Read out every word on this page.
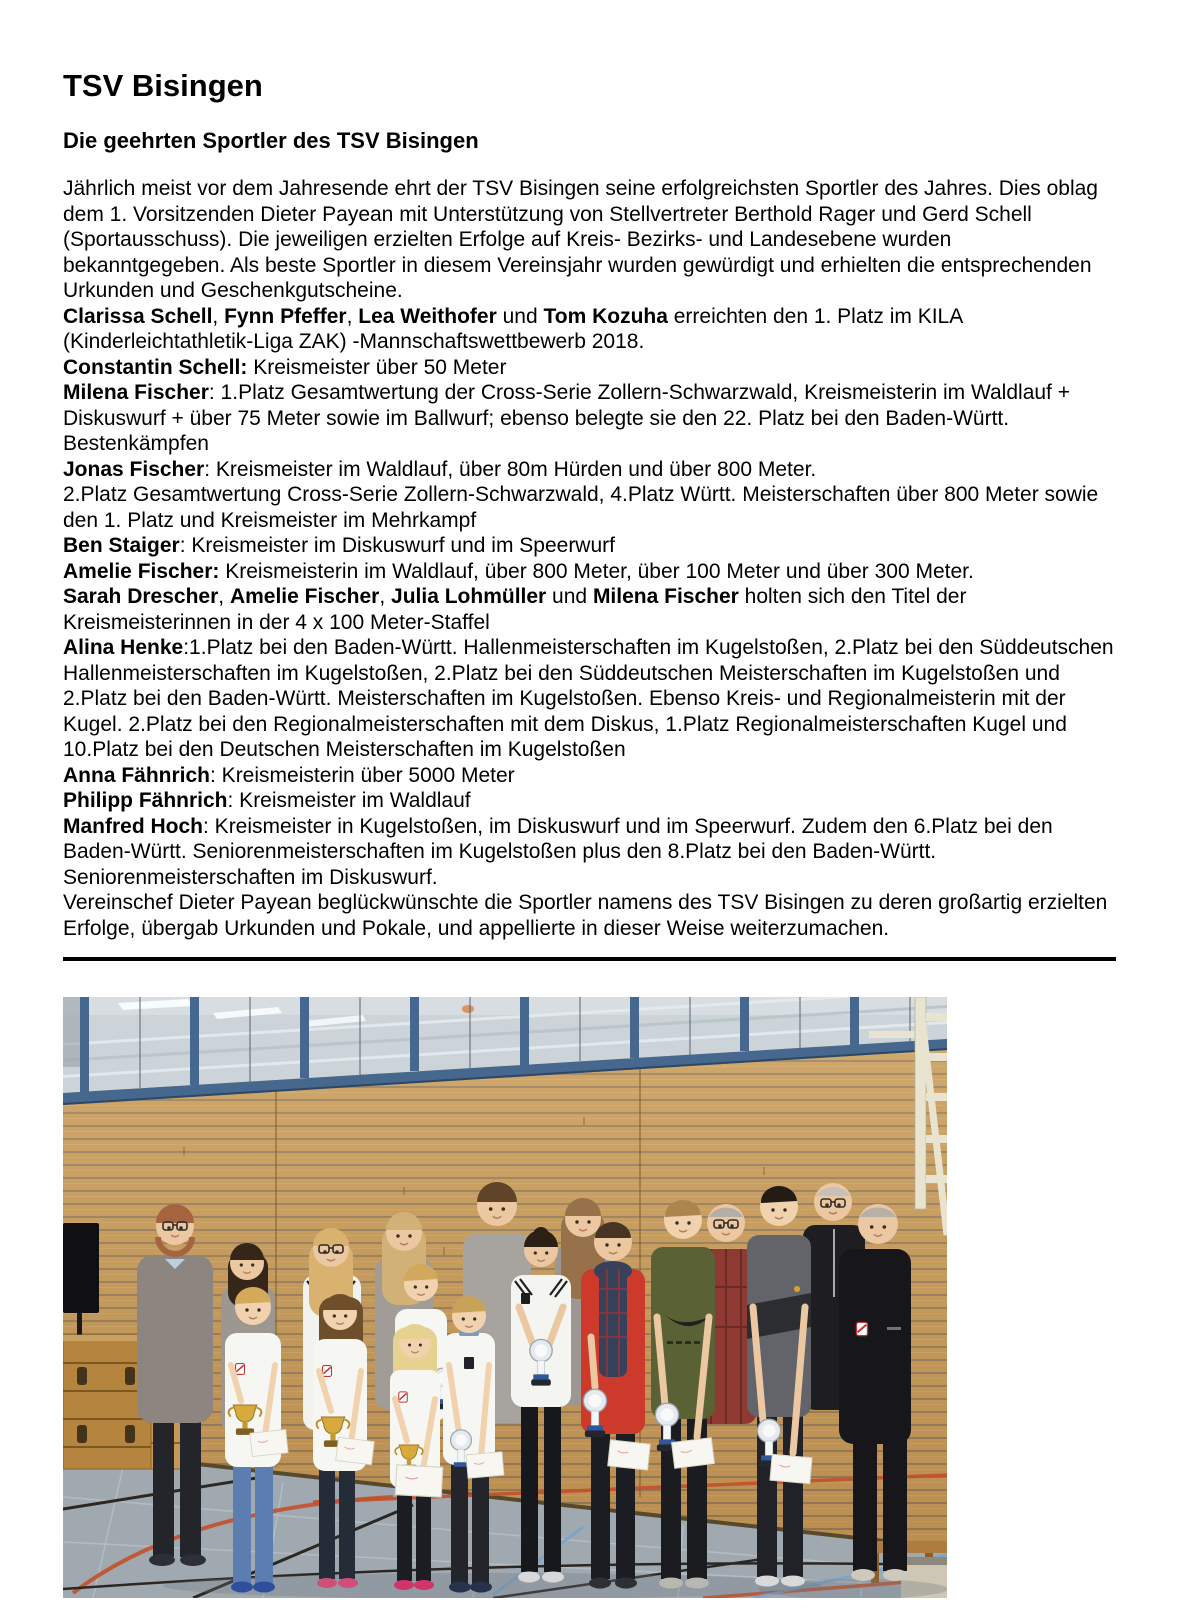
TSV Bisingen
Die geehrten Sportler des TSV Bisingen
Jährlich meist vor dem Jahresende ehrt der TSV Bisingen seine erfolgreichsten Sportler des Jahres. Dies oblag dem 1. Vorsitzenden Dieter Payean mit Unterstützung von Stellvertreter Berthold Rager und Gerd Schell (Sportausschuss). Die jeweiligen erzielten Erfolge auf Kreis- Bezirks- und Landesebene wurden bekanntgegeben. Als beste Sportler in diesem Vereinsjahr wurden gewürdigt und erhielten die entsprechenden Urkunden und Geschenkgutscheine.
Clarissa Schell, Fynn Pfeffer, Lea Weithofer und Tom Kozuha erreichten den 1. Platz im KILA (Kinderleichtathletik-Liga ZAK) -Mannschaftswettbewerb 2018.
Constantin Schell: Kreismeister über 50 Meter
Milena Fischer: 1.Platz Gesamtwertung der Cross-Serie Zollern-Schwarzwald, Kreismeisterin im Waldlauf + Diskuswurf + über 75 Meter sowie im Ballwurf; ebenso belegte sie den 22. Platz bei den Baden-Württ. Bestenkämpfen
Jonas Fischer: Kreismeister im Waldlauf, über 80m Hürden und über 800 Meter.
2.Platz Gesamtwertung Cross-Serie Zollern-Schwarzwald, 4.Platz Württ. Meisterschaften über 800 Meter sowie den 1. Platz und Kreismeister im Mehrkampf
Ben Staiger: Kreismeister im Diskuswurf und im Speerwurf
Amelie Fischer: Kreismeisterin im Waldlauf, über 800 Meter, über 100 Meter und über 300 Meter.
Sarah Drescher, Amelie Fischer, Julia Lohmüller und Milena Fischer holten sich den Titel der Kreismeisterinnen in der 4 x 100 Meter-Staffel
Alina Henke:1.Platz bei den Baden-Württ. Hallenmeisterschaften im Kugelstoßen, 2.Platz bei den Süddeutschen Hallenmeisterschaften im Kugelstoßen, 2.Platz bei den Süddeutschen Meisterschaften im Kugelstoßen und 2.Platz bei den Baden-Württ. Meisterschaften im Kugelstoßen. Ebenso Kreis- und Regionalmeisterin mit der Kugel. 2.Platz bei den Regionalmeisterschaften mit dem Diskus, 1.Platz Regionalmeisterschaften Kugel und 10.Platz bei den Deutschen Meisterschaften im Kugelstoßen
Anna Fähnrich: Kreismeisterin über 5000 Meter
Philipp Fähnrich: Kreismeister im Waldlauf
Manfred Hoch: Kreismeister in Kugelstoßen, im Diskuswurf und im Speerwurf. Zudem den 6.Platz bei den Baden-Württ. Seniorenmeisterschaften im Kugelstoßen plus den 8.Platz bei den Baden-Württ. Seniorenmeisterschaften im Diskuswurf.
Vereinschef Dieter Payean beglückwünschte die Sportler namens des TSV Bisingen zu deren großartig erzielten Erfolge, übergab Urkunden und Pokale, und appellierte in dieser Weise weiterzumachen.
